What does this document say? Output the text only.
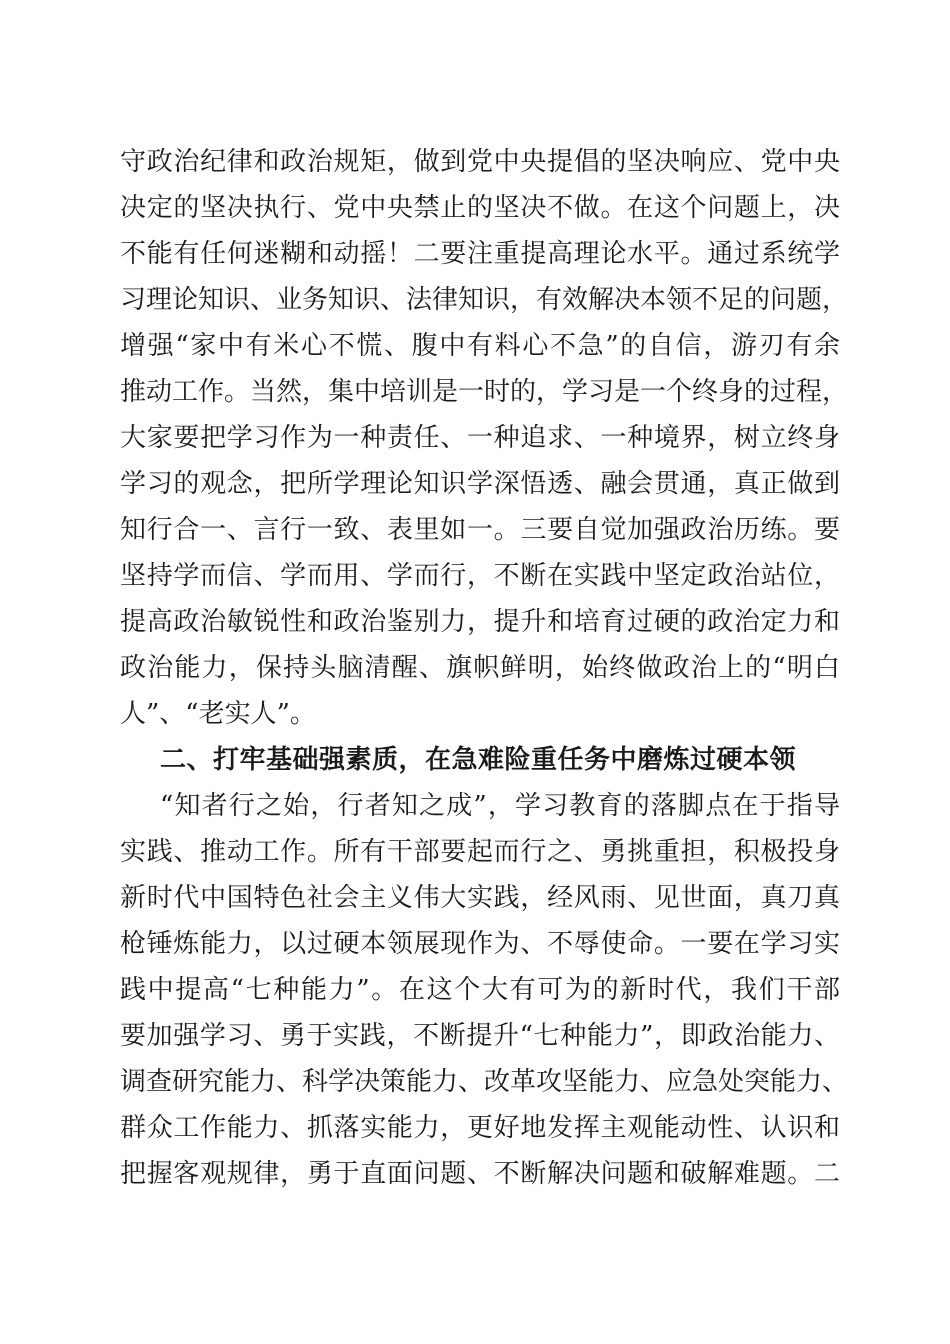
守政治纪律和政治规矩，做到党中央提倡的坚决响应、党中央
决定的坚决执行、党中央禁止的坚决不做。在这个问题上，决
不能有任何迷糊和动摇！二要注重提高理论水平。通过系统学
习理论知识、业务知识、法律知识，有效解决本领不足的问题，
增强“家中有米心不慌、腹中有料心不急”的自信，游刃有余
推动工作。当然，集中培训是一时的，学习是一个终身的过程，
大家要把学习作为一种责任、一种追求、一种境界，树立终身
学习的观念，把所学理论知识学深悟透、融会贯通，真正做到
知行合一、言行一致、表里如一。三要自觉加强政治历练。要
坚持学而信、学而用、学而行，不断在实践中坚定政治站位，
提高政治敏锐性和政治鉴别力，提升和培育过硬的政治定力和
政治能力，保持头脑清醒、旗帜鲜明，始终做政治上的“明白
人”、“老实人”。
二、打牢基础强素质，在急难险重任务中磨炼过硬本领
“知者行之始，行者知之成”，学习教育的落脚点在于指导
实践、推动工作。所有干部要起而行之、勇挑重担，积极投身
新时代中国特色社会主义伟大实践，经风雨、见世面，真刀真
枪锤炼能力，以过硬本领展现作为、不辱使命。一要在学习实
践中提高“七种能力”。在这个大有可为的新时代，我们干部
要加强学习、勇于实践，不断提升“七种能力”，即政治能力、
调查研究能力、科学决策能力、改革攻坚能力、应急处突能力、
群众工作能力、抓落实能力，更好地发挥主观能动性、认识和
把握客观规律，勇于直面问题、不断解决问题和破解难题。二
